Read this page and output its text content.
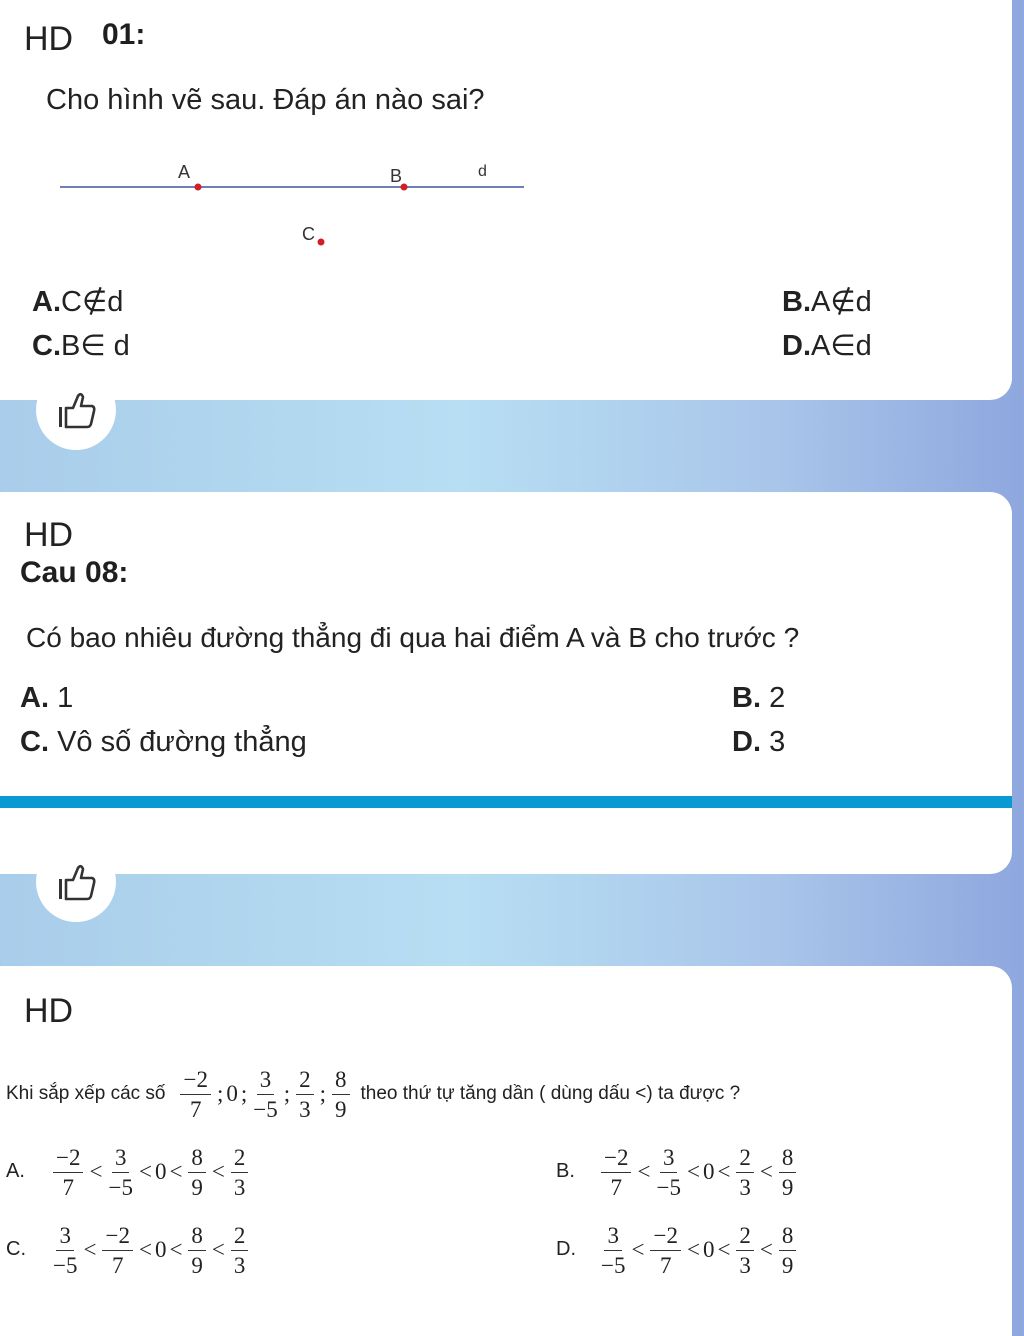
HD 01:
Cho hình vẽ sau. Đáp án nào sai?
A	B	d
C
A.C∉d	B.A∉d
C.B∈ d	D.A∈d
HD
Cau 08:
Có bao nhiêu đường thẳng đi qua hai điểm A và B cho trước ?
A. 1	B. 2
C. Vô số đường thẳng	D. 3
HD
Khi sắp xếp các số $\frac{-2}{7}$ ; 0 ; $\frac{3}{-5}$ ; $\frac{2}{3}$ ; $\frac{8}{9}$ theo thứ tự tăng dần ( dùng dấu <) ta được ?
A. $\frac{-2}{7} < \frac{3}{-5} < 0 < \frac{8}{9} < \frac{2}{3}$	B. $\frac{-2}{7} < \frac{3}{-5} < 0 < \frac{2}{3} < \frac{8}{9}$
C. $\frac{3}{-5} < \frac{-2}{7} < 0 < \frac{8}{9} < \frac{2}{3}$	D. $\frac{3}{-5} < \frac{-2}{7} < 0 < \frac{2}{3} < \frac{8}{9}$
